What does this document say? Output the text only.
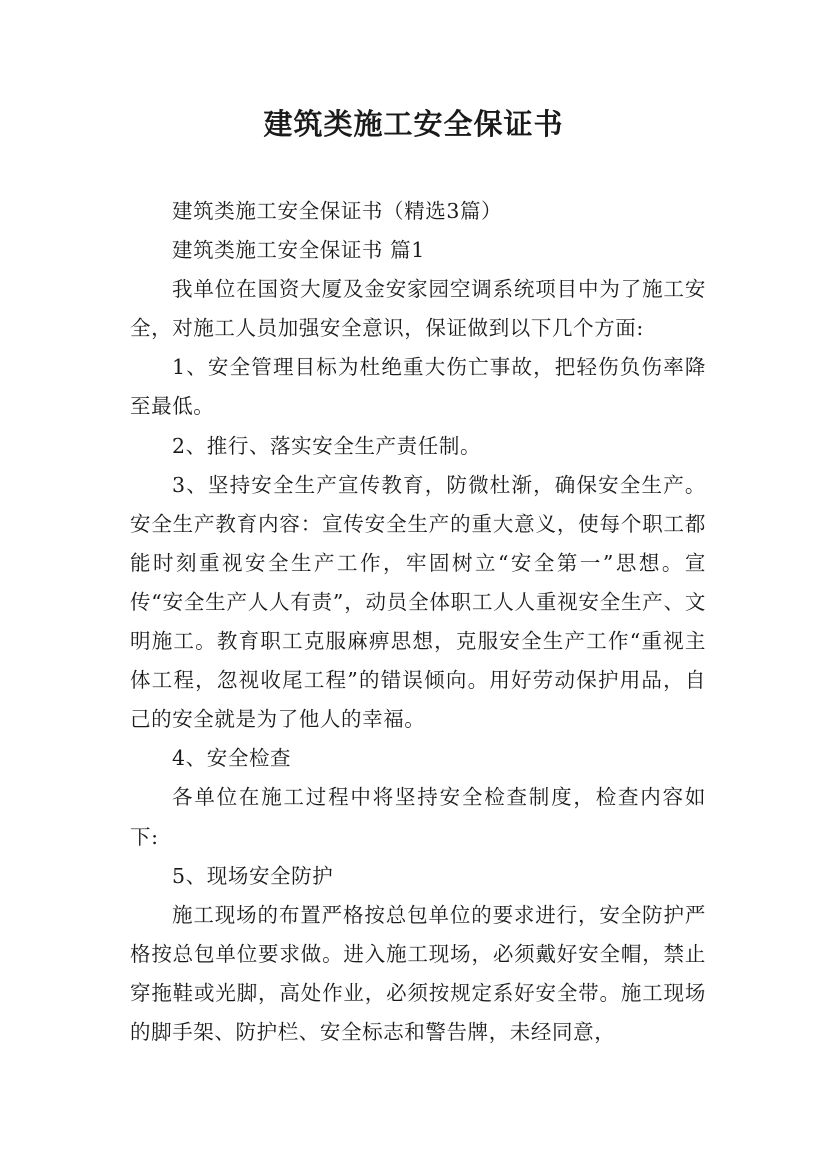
建筑类施工安全保证书

建筑类施工安全保证书（精选3篇）

建筑类施工安全保证书 篇1

我单位在国资大厦及金安家园空调系统项目中为了施工安全，对施工人员加强安全意识，保证做到以下几个方面:

1、安全管理目标为杜绝重大伤亡事故，把轻伤负伤率降至最低。

2、推行、落实安全生产责任制。

3、坚持安全生产宣传教育，防微杜渐，确保安全生产。安全生产教育内容：宣传安全生产的重大意义，使每个职工都能时刻重视安全生产工作，牢固树立“安全第一”思想。宣传“安全生产人人有责”，动员全体职工人人重视安全生产、文明施工。教育职工克服麻痹思想，克服安全生产工作“重视主体工程，忽视收尾工程”的错误倾向。用好劳动保护用品，自己的安全就是为了他人的幸福。

4、安全检查

各单位在施工过程中将坚持安全检查制度，检查内容如下:

5、现场安全防护

施工现场的布置严格按总包单位的要求进行，安全防护严格按总包单位要求做。进入施工现场，必须戴好安全帽，禁止穿拖鞋或光脚，高处作业，必须按规定系好安全带。施工现场的脚手架、防护栏、安全标志和警告牌，未经同意，
